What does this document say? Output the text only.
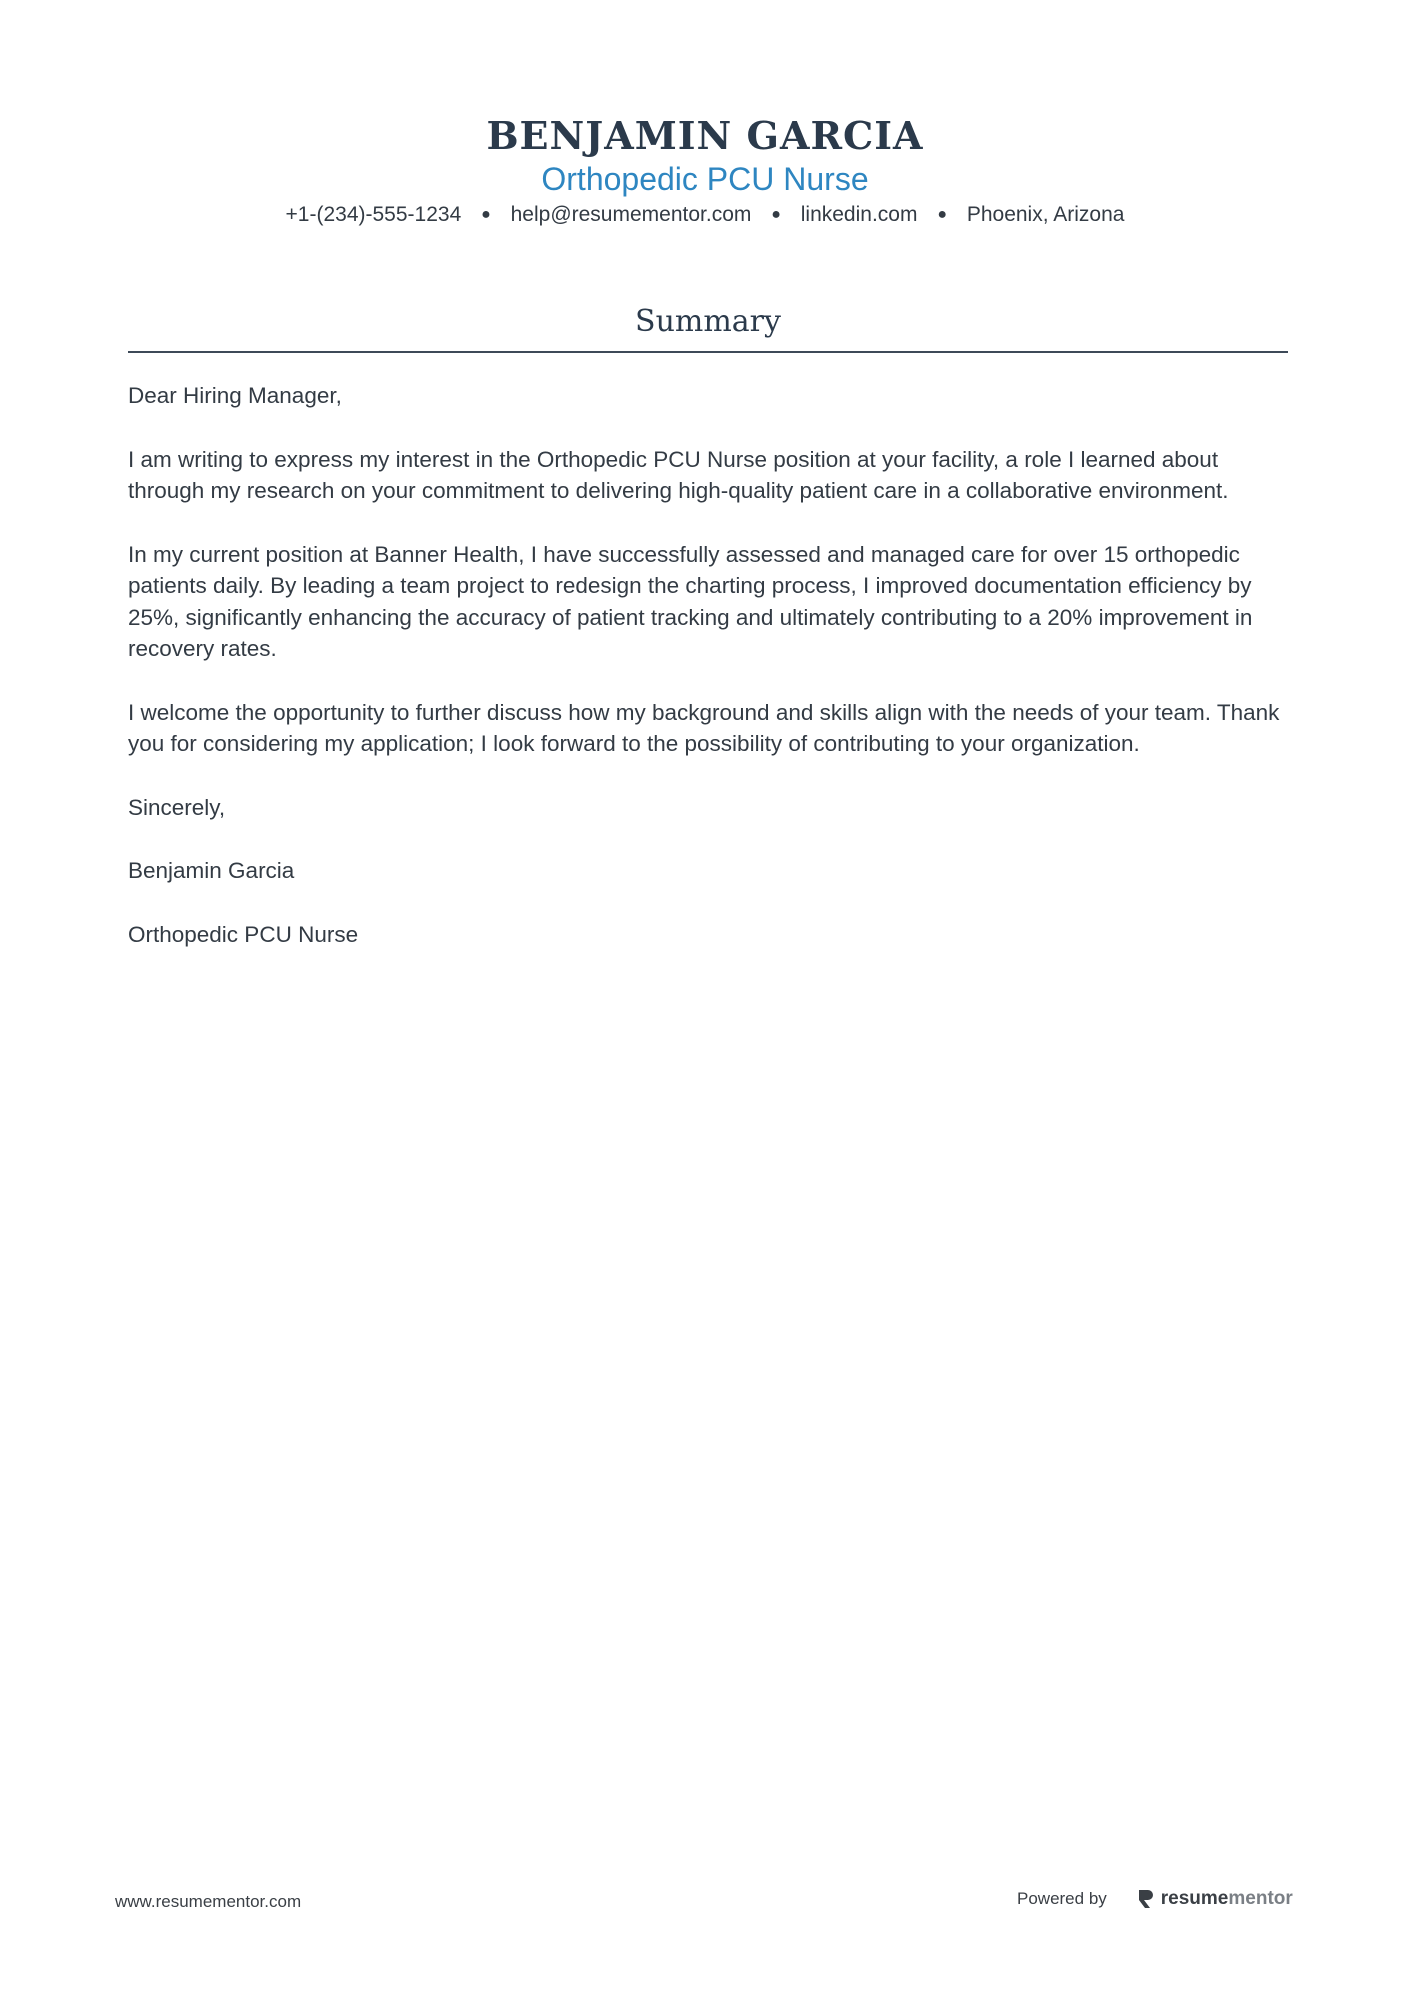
BENJAMIN GARCIA
Orthopedic PCU Nurse
+1-(234)-555-1234 ● help@resumementor.com ● linkedin.com ● Phoenix, Arizona
Summary

Dear Hiring Manager,

I am writing to express my interest in the Orthopedic PCU Nurse position at your facility, a role I learned about through my research on your commitment to delivering high-quality patient care in a collaborative environment.

In my current position at Banner Health, I have successfully assessed and managed care for over 15 orthopedic patients daily. By leading a team project to redesign the charting process, I improved documentation efficiency by 25%, significantly enhancing the accuracy of patient tracking and ultimately contributing to a 20% improvement in recovery rates.

I welcome the opportunity to further discuss how my background and skills align with the needs of your team. Thank you for considering my application; I look forward to the possibility of contributing to your organization.

Sincerely,

Benjamin Garcia

Orthopedic PCU Nurse

www.resumementor.com	Powered by	resume mentor
